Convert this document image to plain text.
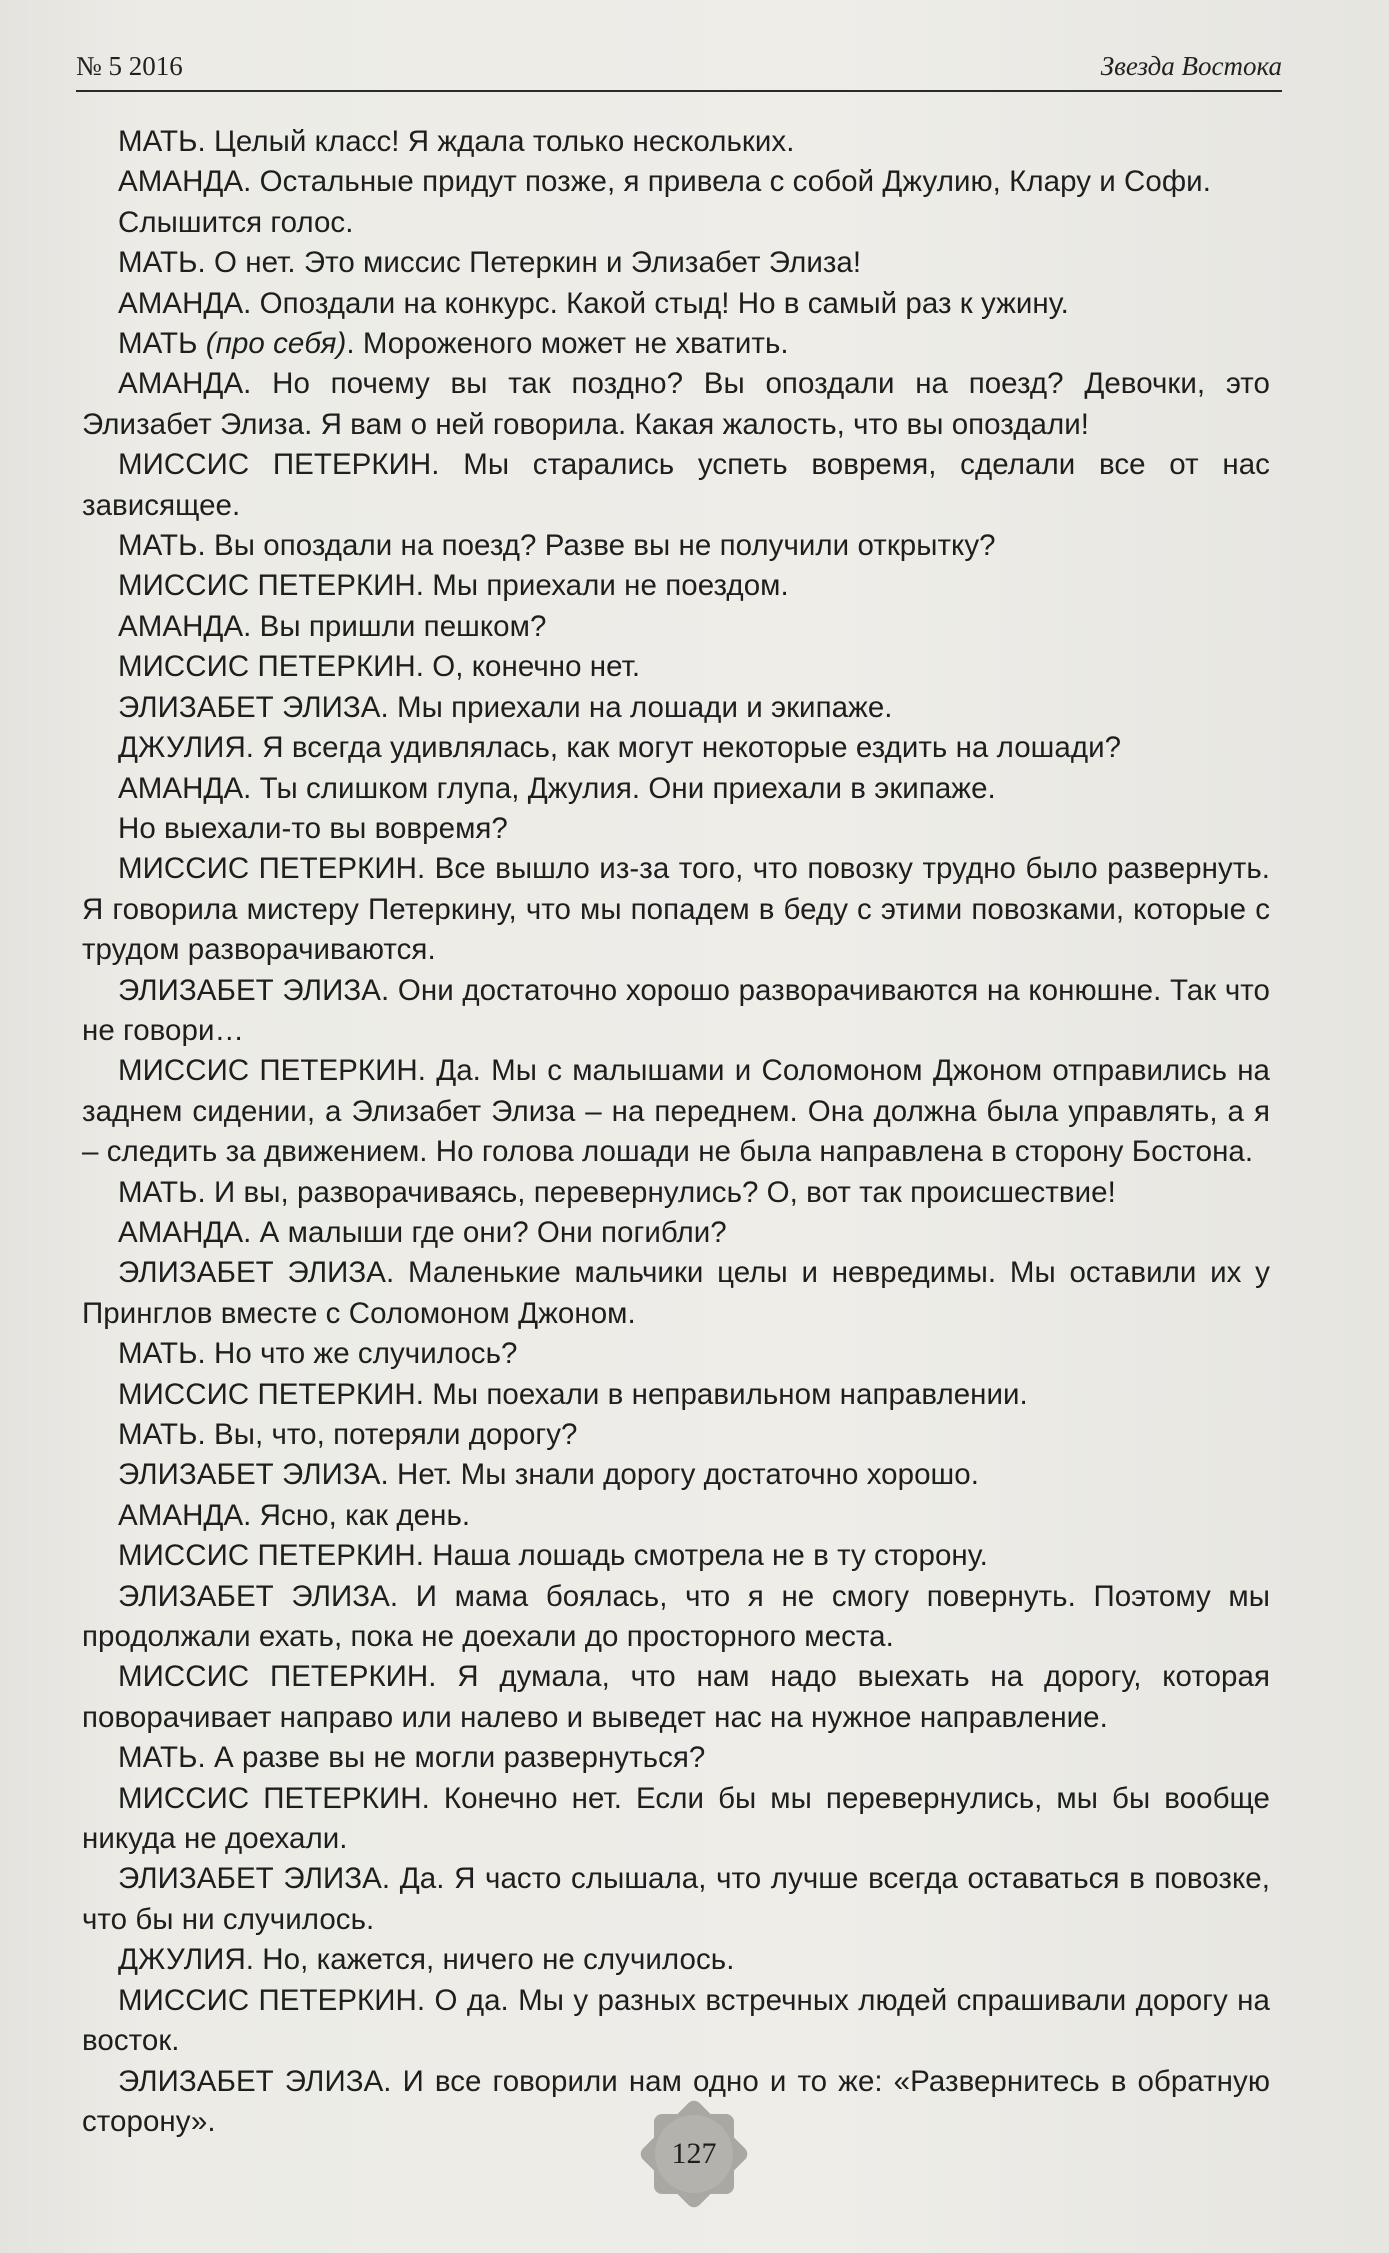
№ 5 2016	Звезда Востока

МАТЬ. Целый класс! Я ждала только нескольких.

АМАНДА. Остальные придут позже, я привела с собой Джулию, Клару и Софи.

Слышится голос.

МАТЬ. О нет. Это миссис Петеркин и Элизабет Элиза!

АМАНДА. Опоздали на конкурс. Какой стыд! Но в самый раз к ужину.

МАТЬ (про себя). Мороженого может не хватить.

АМАНДА. Но почему вы так поздно? Вы опоздали на поезд? Девочки, это Элизабет Элиза. Я вам о ней говорила. Какая жалость, что вы опоздали!

МИССИС ПЕТЕРКИН. Мы старались успеть вовремя, сделали все от нас зависящее.

МАТЬ. Вы опоздали на поезд? Разве вы не получили открытку?

МИССИС ПЕТЕРКИН. Мы приехали не поездом.

АМАНДА. Вы пришли пешком?

МИССИС ПЕТЕРКИН. О, конечно нет.

ЭЛИЗАБЕТ ЭЛИЗА. Мы приехали на лошади и экипаже.

ДЖУЛИЯ. Я всегда удивлялась, как могут некоторые ездить на лошади?

АМАНДА. Ты слишком глупа, Джулия. Они приехали в экипаже.

Но выехали-то вы вовремя?

МИССИС ПЕТЕРКИН. Все вышло из-за того, что повозку трудно было развернуть. Я говорила мистеру Петеркину, что мы попадем в беду с этими повозками, которые с трудом разворачиваются.

ЭЛИЗАБЕТ ЭЛИЗА. Они достаточно хорошо разворачиваются на конюшне. Так что не говори…

МИССИС ПЕТЕРКИН. Да. Мы с малышами и Соломоном Джоном отправились на заднем сидении, а Элизабет Элиза – на переднем. Она должна была управлять, а я – следить за движением. Но голова лошади не была направлена в сторону Бостона.

МАТЬ. И вы, разворачиваясь, перевернулись? О, вот так происшествие!

АМАНДА. А малыши где они? Они погибли?

ЭЛИЗАБЕТ ЭЛИЗА. Маленькие мальчики целы и невредимы. Мы оставили их у Принглов вместе с Соломоном Джоном.

МАТЬ. Но что же случилось?

МИССИС ПЕТЕРКИН. Мы поехали в неправильном направлении.

МАТЬ. Вы, что, потеряли дорогу?

ЭЛИЗАБЕТ ЭЛИЗА. Нет. Мы знали дорогу достаточно хорошо.

АМАНДА. Ясно, как день.

МИССИС ПЕТЕРКИН. Наша лошадь смотрела не в ту сторону.

ЭЛИЗАБЕТ ЭЛИЗА. И мама боялась, что я не смогу повернуть. Поэтому мы продолжали ехать, пока не доехали до просторного места.

МИССИС ПЕТЕРКИН. Я думала, что нам надо выехать на дорогу, которая поворачивает направо или налево и выведет нас на нужное направление.

МАТЬ. А разве вы не могли развернуться?

МИССИС ПЕТЕРКИН. Конечно нет. Если бы мы перевернулись, мы бы вообще никуда не доехали.

ЭЛИЗАБЕТ ЭЛИЗА. Да. Я часто слышала, что лучше всегда оставаться в повозке, что бы ни случилось.

ДЖУЛИЯ. Но, кажется, ничего не случилось.

МИССИС ПЕТЕРКИН. О да. Мы у разных встречных людей спрашивали дорогу на восток.

ЭЛИЗАБЕТ ЭЛИЗА. И все говорили нам одно и то же: «Развернитесь в обратную сторону».

127
